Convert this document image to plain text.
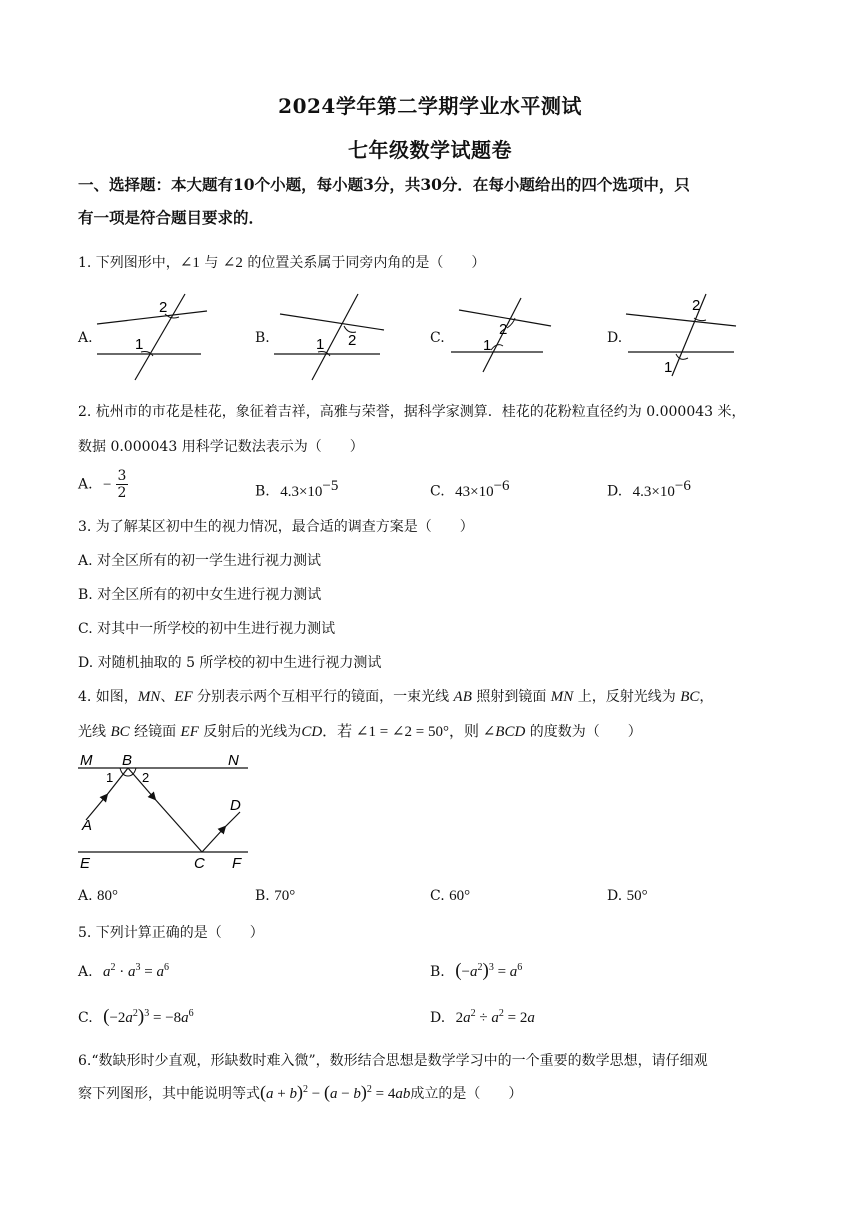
2024学年第二学期学业水平测试
七年级数学试题卷
一、选择题：本大题有10个小题，每小题3分，共30分．在每小题给出的四个选项中，只
有一项是符合题目要求的．
1. 下列图形中，∠1 与 ∠2 的位置关系属于同旁内角的是（　　）
A.
2
1	B.	2
1	C.	2
1	D.
2
1
2. 杭州市的市花是桂花，象征着吉祥，高雅与荣誉，据科学家测算．桂花的花粉粒直径约为 0.000043 米，
数据 0.000043 用科学记数法表示为（　　）
A. − $\frac{3}{2}$	B. $4.3\times 10^{-5}$	C. $43\times 10^{-6}$	D. $4.3\times 10^{-6}$
3. 为了解某区初中生的视力情况，最合适的调查方案是（　　）
A. 对全区所有的初一学生进行视力测试
B. 对全区所有的初中女生进行视力测试
C. 对其中一所学校的初中生进行视力测试
D. 对随机抽取的 5 所学校的初中生进行视力测试
4. 如图，MN、EF 分别表示两个互相平行的镜面，一束光线 AB 照射到镜面 MN 上，反射光线为 BC，
光线 BC 经镜面 EF 反射后的光线为CD．若 ∠1 = ∠2 = 50°，则 ∠BCD 的度数为（　　）
M B	N
1 2
A
D
E	C F
A. 80°	B. 70°	C. 60°	D. 50°
5. 下列计算正确的是（　　）
A. $a^2 \cdot a^3 = a^6$	B. $(-a^2)^3 = a^6$
C. $(-2a^2)^3 = -8a^6$	D. $2a^2 \div a^2 = 2a$
6.“数缺形时少直观，形缺数时难入微”，数形结合思想是数学学习中的一个重要的数学思想，请仔细观
察下列图形，其中能说明等式$(a + b)^2 - (a - b)^2 = 4ab$成立的是（　　）
